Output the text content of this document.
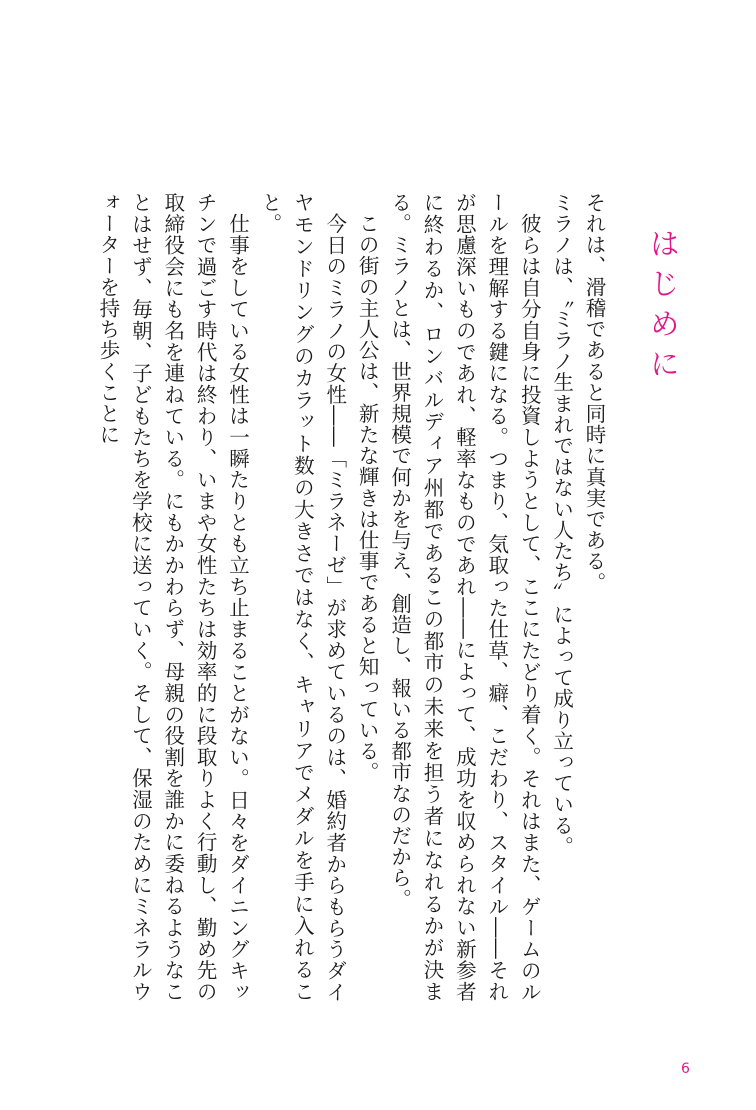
はじめに

それは、滑稽であると同時に真実である。

ミラノは、〝ミラノ生まれではない人たち〟によって成り立っている。

彼らは自分自身に投資しようとして、ここにたどり着く。それはまた、ゲームのルールを理解する鍵になる。つまり、気取った仕草、癖、こだわり、スタイル――それが思慮深いものであれ、軽率なものであれ――によって、成功を収められない新参者に終わるか、ロンバルディア州都であるこの都市の未来を担う者になれるかが決まる。ミラノとは、世界規模で何かを与え、創造し、報いる都市なのだから。

この街の主人公は、新たな輝きは仕事であると知っている。

今日のミラノの女性――「ミラネーゼ」が求めているのは、婚約者からもらうダイヤモンドリングのカラット数の大きさではなく、キャリアでメダルを手に入れること。

仕事をしている女性は一瞬たりとも立ち止まることがない。日々をダイニングキッチンで過ごす時代は終わり、いまや女性たちは効率的に段取りよく行動し、勤め先の取締役会にも名を連ねている。にもかかわらず、母親の役割を誰かに委ねるようなことはせず、毎朝、子どもたちを学校に送っていく。そして、保湿のためにミネラルウォーターを持ち歩くことに

6
